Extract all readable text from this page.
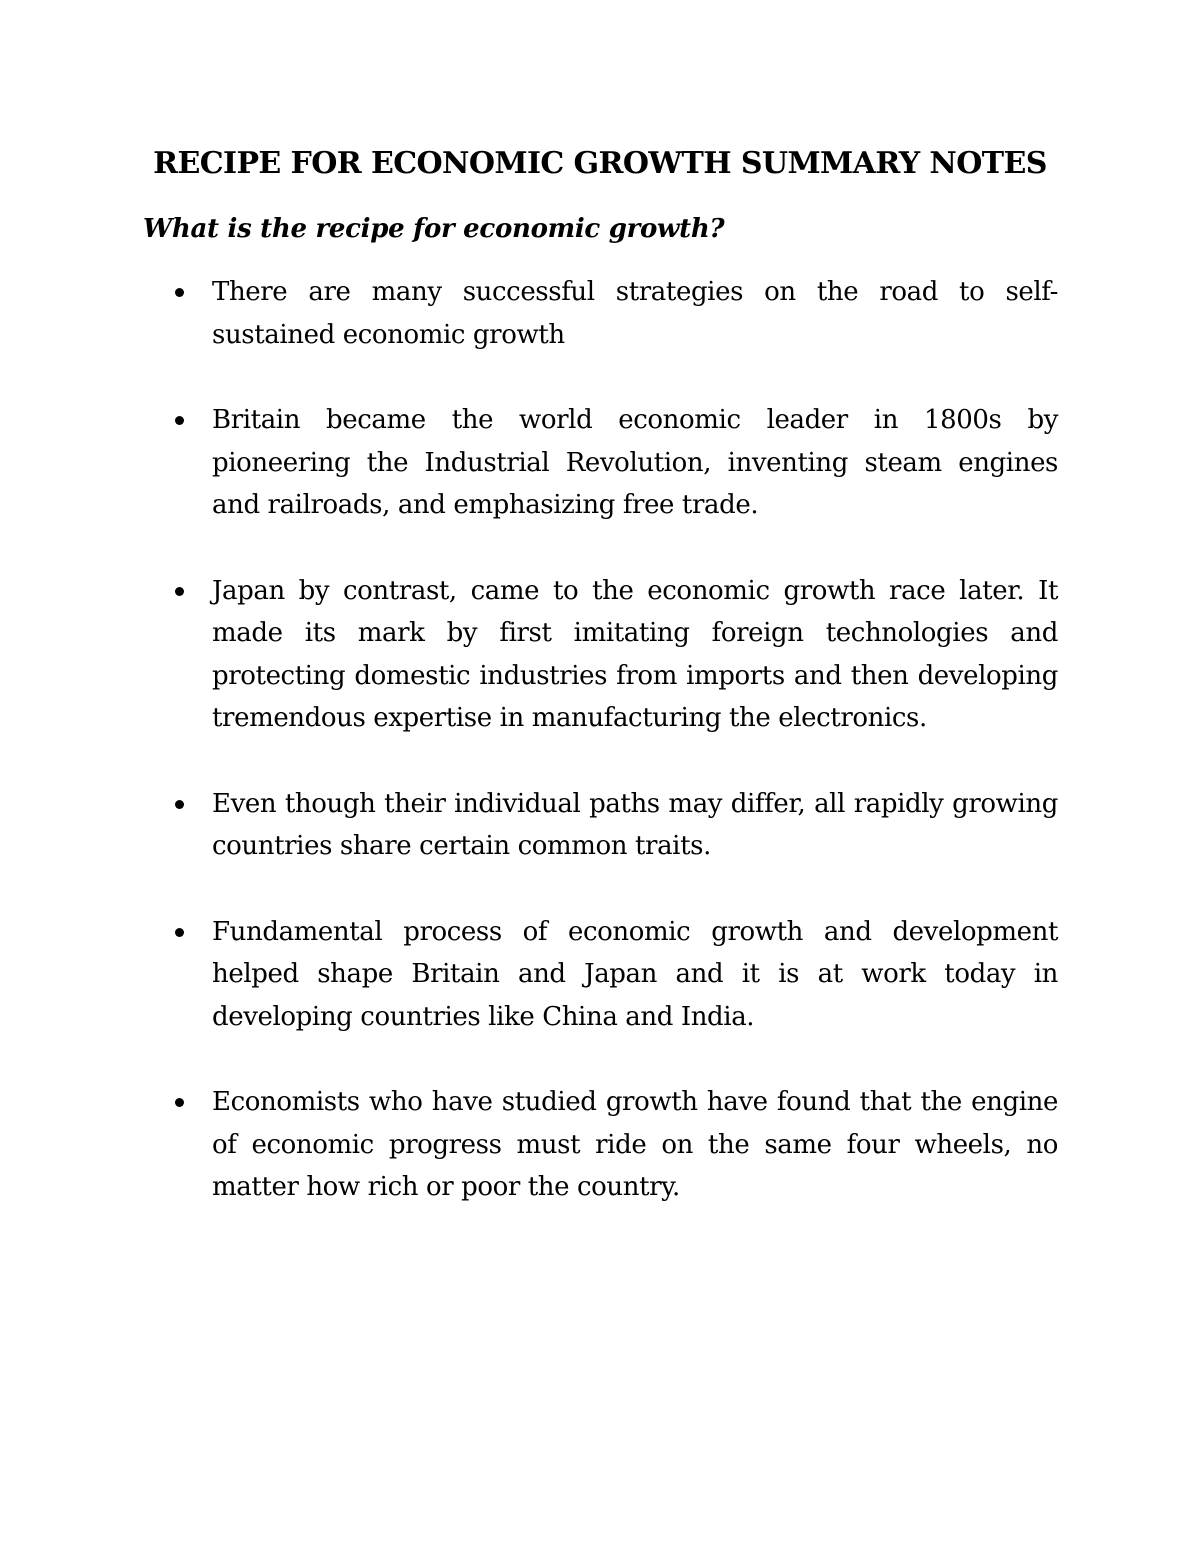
RECIPE FOR ECONOMIC GROWTH SUMMARY NOTES
What is the recipe for economic growth?
There are many successful strategies on the road to self-sustained economic growth
Britain became the world economic leader in 1800s by pioneering the Industrial Revolution, inventing steam engines and railroads, and emphasizing free trade.
Japan by contrast, came to the economic growth race later. It made its mark by first imitating foreign technologies and protecting domestic industries from imports and then developing tremendous expertise in manufacturing the electronics.
Even though their individual paths may differ, all rapidly growing countries share certain common traits.
Fundamental process of economic growth and development helped shape Britain and Japan and it is at work today in developing countries like China and India.
Economists who have studied growth have found that the engine of economic progress must ride on the same four wheels, no matter how rich or poor the country.
